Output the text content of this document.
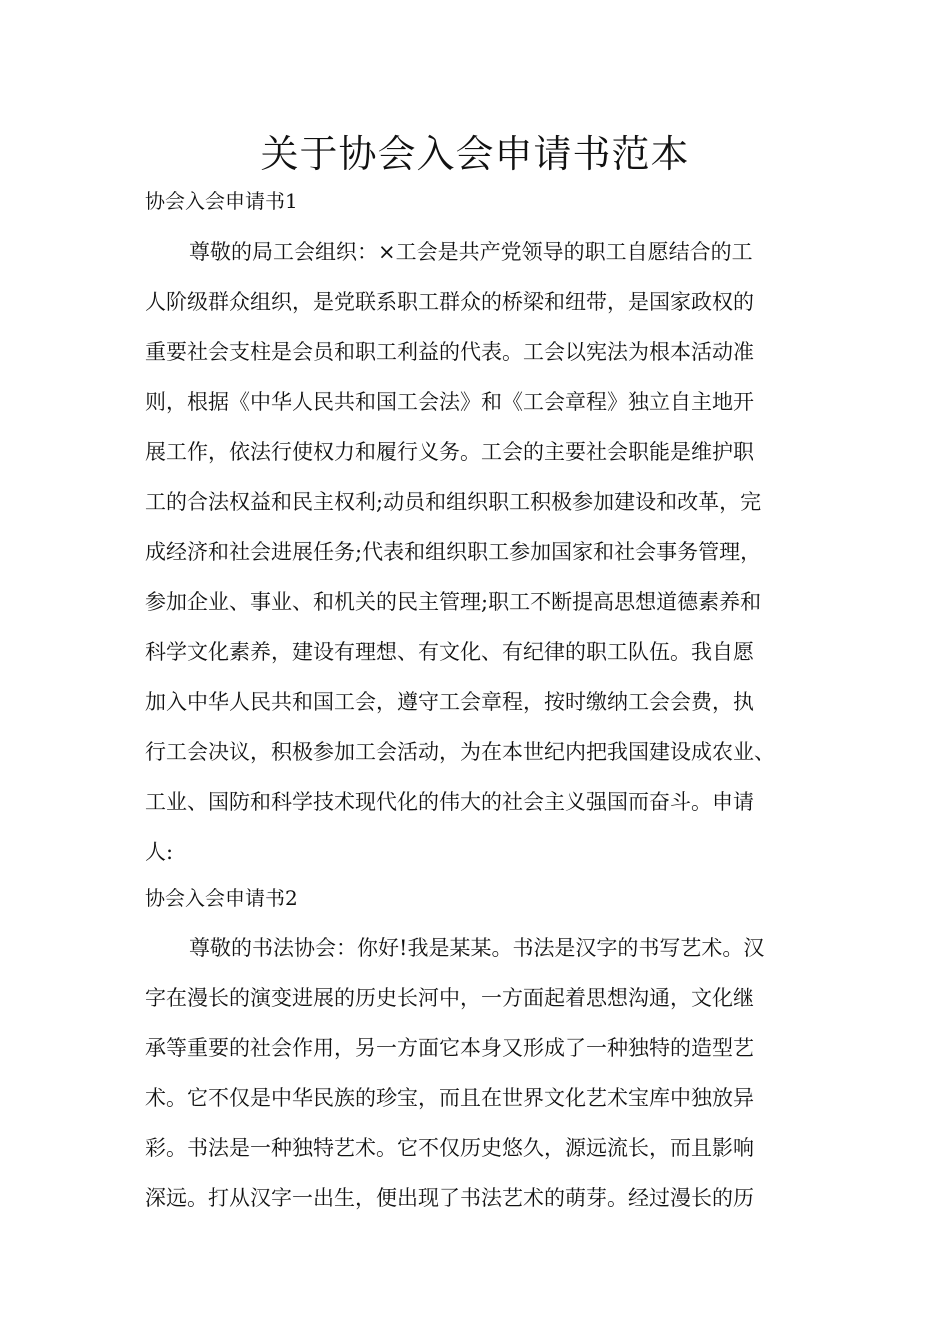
关于协会入会申请书范本
协会入会申请书1

尊敬的局工会组织：×工会是共产党领导的职工自愿结合的工
人阶级群众组织，是党联系职工群众的桥梁和纽带，是国家政权的
重要社会支柱是会员和职工利益的代表。工会以宪法为根本活动准
则，根据《中华人民共和国工会法》和《工会章程》独立自主地开
展工作，依法行使权力和履行义务。工会的主要社会职能是维护职
工的合法权益和民主权利;动员和组织职工积极参加建设和改革，完
成经济和社会进展任务;代表和组织职工参加国家和社会事务管理，
参加企业、事业、和机关的民主管理;职工不断提高思想道德素养和
科学文化素养，建设有理想、有文化、有纪律的职工队伍。我自愿
加入中华人民共和国工会，遵守工会章程，按时缴纳工会会费，执
行工会决议，积极参加工会活动，为在本世纪内把我国建设成农业、
工业、国防和科学技术现代化的伟大的社会主义强国而奋斗。申请
人:

协会入会申请书2

尊敬的书法协会：你好!我是某某。书法是汉字的书写艺术。汉
字在漫长的演变进展的历史长河中，一方面起着思想沟通，文化继
承等重要的社会作用，另一方面它本身又形成了一种独特的造型艺
术。它不仅是中华民族的珍宝，而且在世界文化艺术宝库中独放异
彩。书法是一种独特艺术。它不仅历史悠久，源远流长，而且影响
深远。打从汉字一出生，便出现了书法艺术的萌芽。经过漫长的历
